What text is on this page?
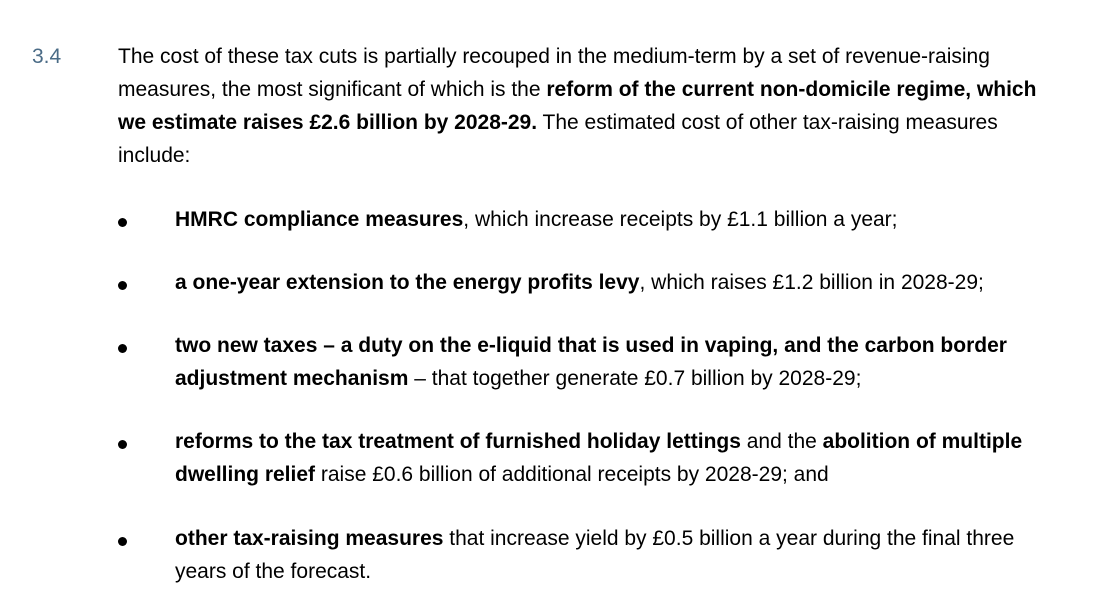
3.4	The cost of these tax cuts is partially recouped in the medium-term by a set of revenue-raising measures, the most significant of which is the reform of the current non-domicile regime, which we estimate raises £2.6 billion by 2028-29. The estimated cost of other tax-raising measures include:

HMRC compliance measures, which increase receipts by £1.1 billion a year;
a one-year extension to the energy profits levy, which raises £1.2 billion in 2028-29;
two new taxes – a duty on the e-liquid that is used in vaping, and the carbon border adjustment mechanism – that together generate £0.7 billion by 2028-29;
reforms to the tax treatment of furnished holiday lettings and the abolition of multiple dwelling relief raise £0.6 billion of additional receipts by 2028-29; and
other tax-raising measures that increase yield by £0.5 billion a year during the final three years of the forecast.
